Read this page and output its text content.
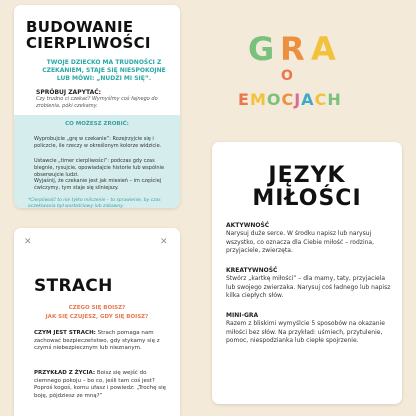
G R A
O
EMOCJACH
BUDOWANIE
CIERPLIWOŚCI
TWOJE DZIECKO MA TRUDNOŚCI Z CZEKANIEM, STAJE SIĘ NIESPOKOJNE LUB MÓWI: „NUDZI MI SIĘ”.
SPRÓBUJ ZAPYTAĆ:
Czy trudno ci czekać? Wymyślmy coś fajnego do zrobienia, póki czekamy.
CO MOŻESZ ZROBIĆ:
Wyprobujcie „grę w czekanie”: Rozejrzyjcie się i policzcie, ile rzeczy w określonym kolorze widzicie.
Ustawcie „timer cierpliwości”: podczas gdy czas biegnie, rysujcie, opowiadajcie historie lub wspólnie obserwujcie ludzi.
Wyjaśnij, że czekanie jest jak miesień – im częściej ćwiczymy, tym staje się silniejszy.
*Cierpliwość to nie tylko milczenie – to sprawienie, by czas oczekiwania był wartościowy lub zabawny.
✕	✕
STRACH
CZEGO SIĘ BOISZ?
JAK SIĘ CZUJESZ, GDY SIĘ BOISZ?
CZYM JEST STRACH: Strach pomaga nam zachować bezpieczeństwo, gdy stykamy się z czymś niebezpiecznym lub nieznanym.
PRZYKŁAD Z ŻYCIA: Boisz się wejść do ciemnego pokoju – bo co, jeśli tam coś jest? Poproś kogoś, komu ufasz i powiedz: „Trochę się boję, pójdziesz ze mną?”
JĘZYK
MIŁOŚCI
AKTYWNOŚĆ
Narysuj duże serce. W środku napisz lub narysuj wszystko, co oznacza dla Ciebie miłość – rodzina, przyjaciele, zwierzęta.
KREATYWNOŚĆ
Stwórz „kartkę miłości” – dla mamy, taty, przyjaciela lub swojego zwierzaka. Narysuj coś ładnego lub napisz kilka ciepłych słów.
MINI-GRA
Razem z bliskimi wymyślcie 5 sposobów na okazanie miłości bez słów. Na przykład: uśmiech, przytulenie, pomoc, niespodzianka lub ciepłe spojrzenie.
